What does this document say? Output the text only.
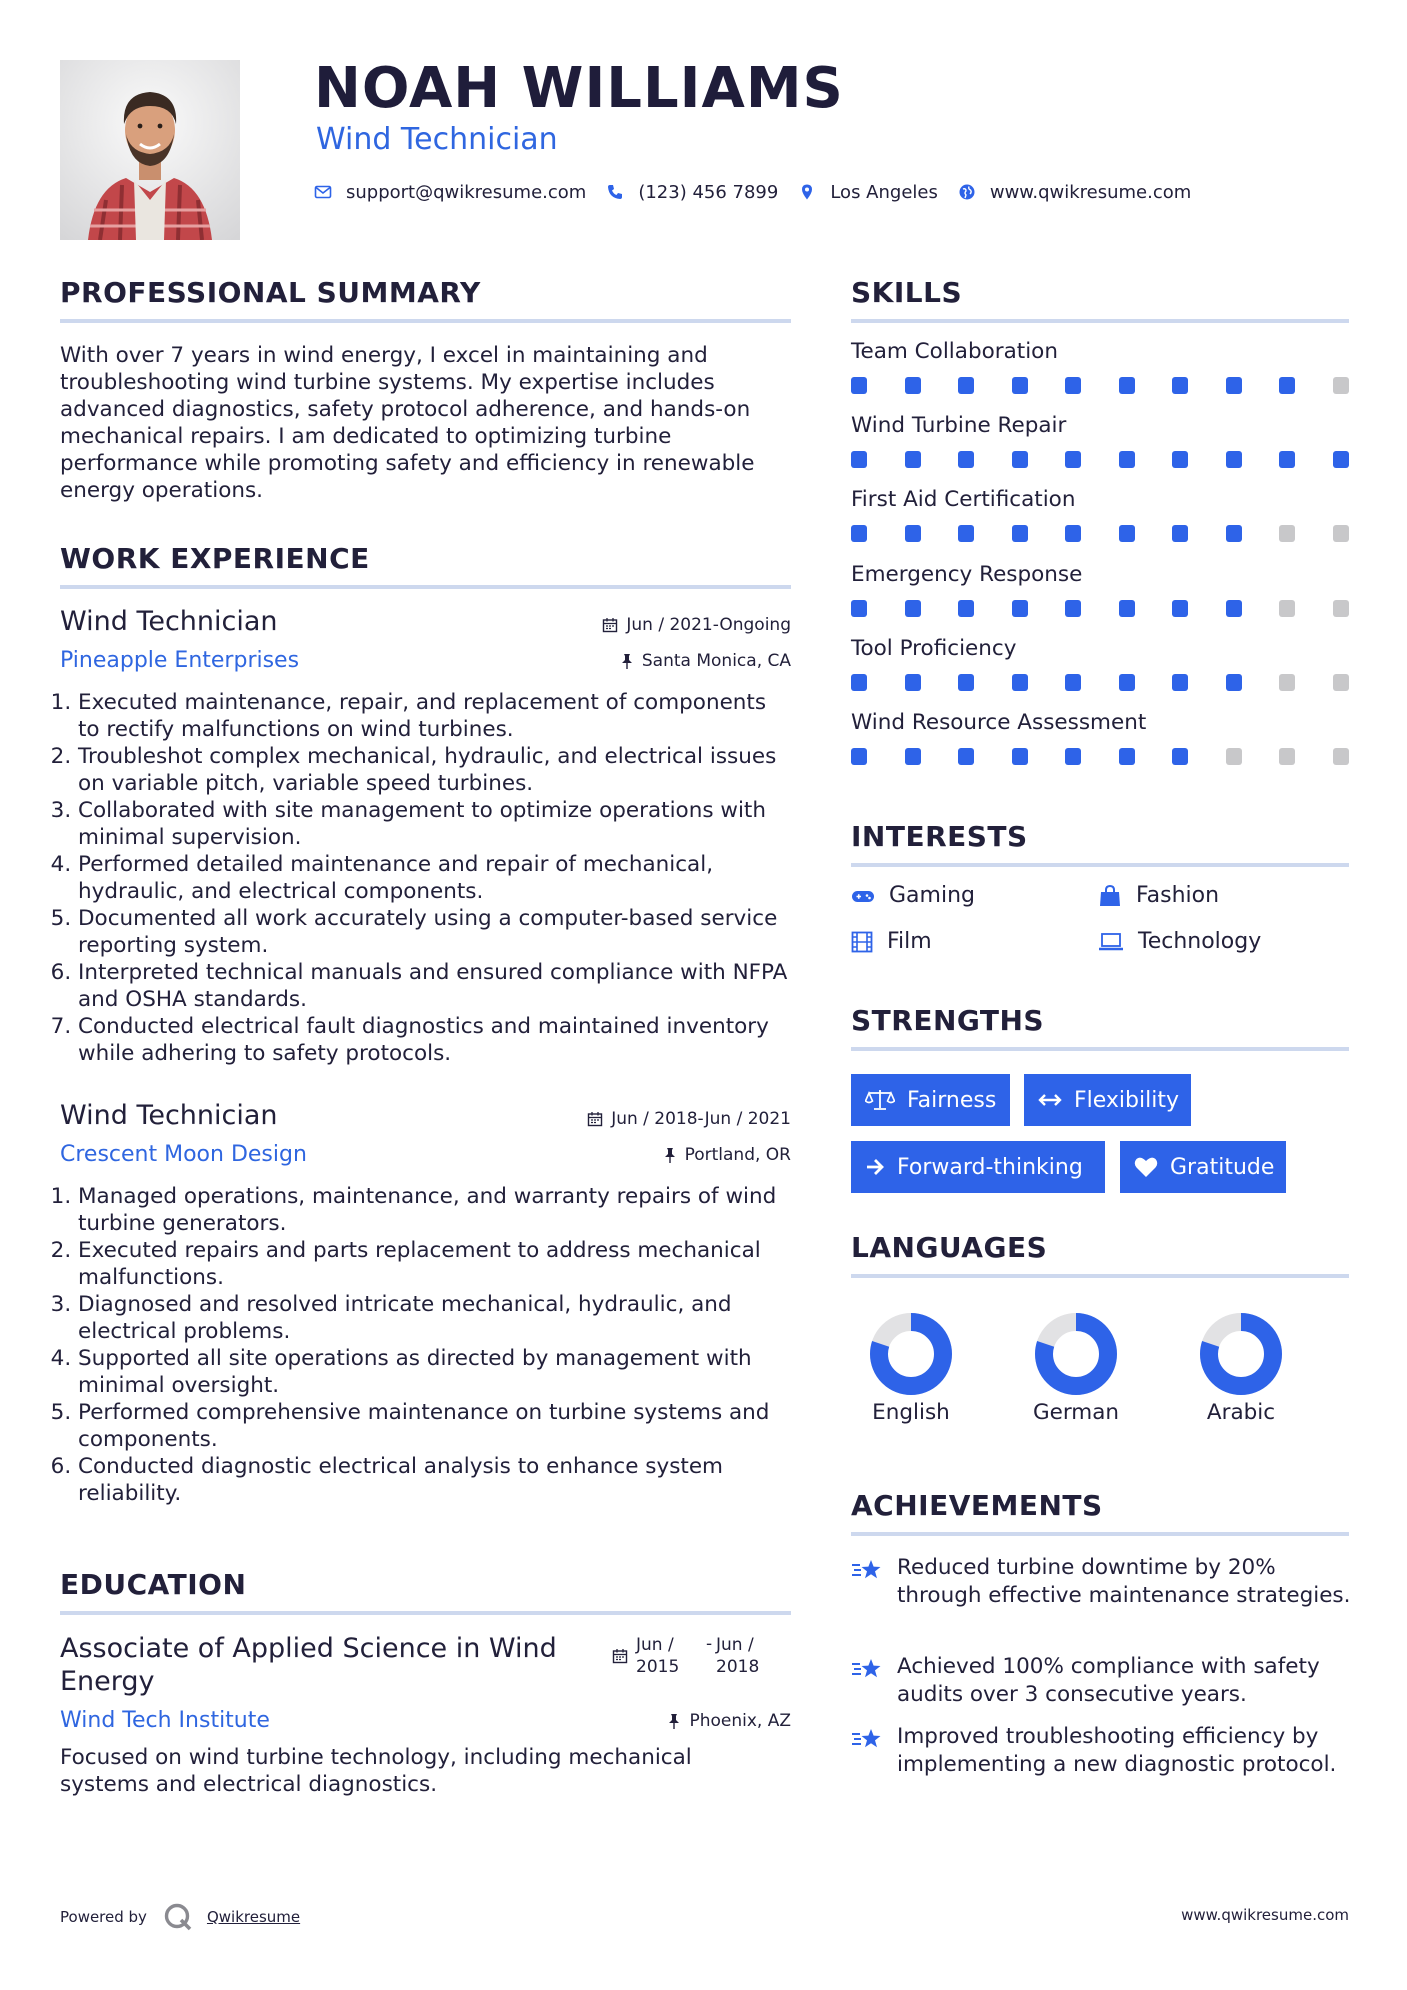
NOAH WILLIAMS
Wind Technician
support@qwikresume.com	(123) 456 7899	Los Angeles	www.qwikresume.com
PROFESSIONAL SUMMARY
With over 7 years in wind energy, I excel in maintaining and troubleshooting wind turbine systems. My expertise includes advanced diagnostics, safety protocol adherence, and hands-on mechanical repairs. I am dedicated to optimizing turbine performance while promoting safety and efficiency in renewable energy operations.
WORK EXPERIENCE
Wind Technician	Jun / 2021-Ongoing
Pineapple Enterprises	Santa Monica, CA
1. Executed maintenance, repair, and replacement of components to rectify malfunctions on wind turbines.
2. Troubleshot complex mechanical, hydraulic, and electrical issues on variable pitch, variable speed turbines.
3. Collaborated with site management to optimize operations with minimal supervision.
4. Performed detailed maintenance and repair of mechanical, hydraulic, and electrical components.
5. Documented all work accurately using a computer-based service reporting system.
6. Interpreted technical manuals and ensured compliance with NFPA and OSHA standards.
7. Conducted electrical fault diagnostics and maintained inventory while adhering to safety protocols.
Wind Technician	Jun / 2018-Jun / 2021
Crescent Moon Design	Portland, OR
1. Managed operations, maintenance, and warranty repairs of wind turbine generators.
2. Executed repairs and parts replacement to address mechanical malfunctions.
3. Diagnosed and resolved intricate mechanical, hydraulic, and electrical problems.
4. Supported all site operations as directed by management with minimal oversight.
5. Performed comprehensive maintenance on turbine systems and components.
6. Conducted diagnostic electrical analysis to enhance system reliability.
EDUCATION
Associate of Applied Science in Wind Energy
Jun / 2015
- Jun / 2018
Wind Tech Institute	Phoenix, AZ
Focused on wind turbine technology, including mechanical systems and electrical diagnostics.
SKILLS
Team Collaboration
Wind Turbine Repair
First Aid Certification
Emergency Response
Tool Proficiency
Wind Resource Assessment
INTERESTS
Gaming	Fashion
Film	Technology
STRENGTHS
Fairness	Flexibility
Forward-thinking	Gratitude
LANGUAGES
English	German	Arabic
ACHIEVEMENTS
Reduced turbine downtime by 20% through effective maintenance strategies.
Achieved 100% compliance with safety audits over 3 consecutive years.
Improved troubleshooting efficiency by implementing a new diagnostic protocol.
Powered by	Qwikresume	www.qwikresume.com
